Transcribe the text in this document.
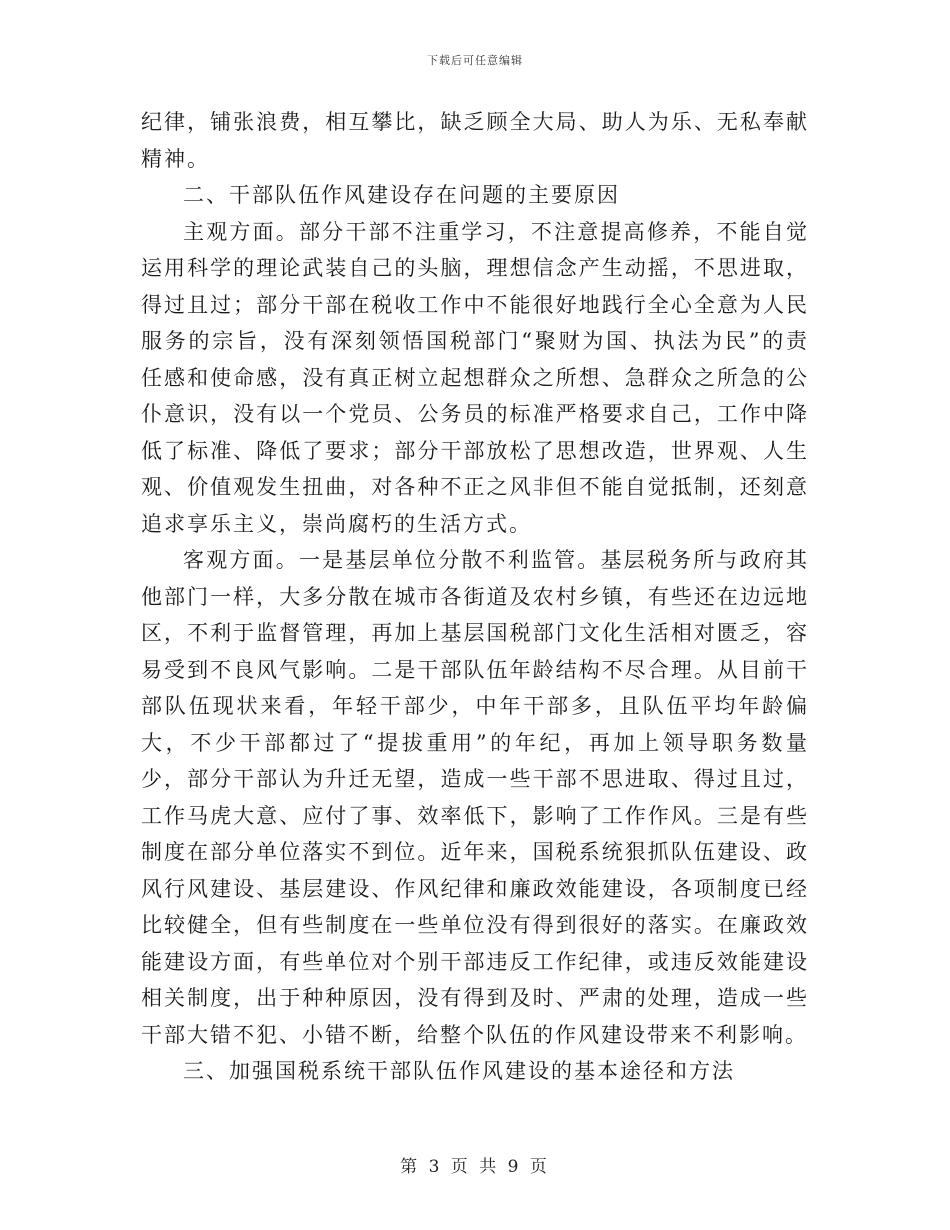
下载后可任意编辑

纪律，铺张浪费，相互攀比，缺乏顾全大局、助人为乐、无私奉献精神。

二、干部队伍作风建设存在问题的主要原因

主观方面。部分干部不注重学习，不注意提高修养，不能自觉运用科学的理论武装自己的头脑，理想信念产生动摇，不思进取，得过且过；部分干部在税收工作中不能很好地践行全心全意为人民服务的宗旨，没有深刻领悟国税部门“聚财为国、执法为民”的责任感和使命感，没有真正树立起想群众之所想、急群众之所急的公仆意识，没有以一个党员、公务员的标准严格要求自己，工作中降低了标准、降低了要求；部分干部放松了思想改造，世界观、人生观、价值观发生扭曲，对各种不正之风非但不能自觉抵制，还刻意追求享乐主义，崇尚腐朽的生活方式。

客观方面。一是基层单位分散不利监管。基层税务所与政府其他部门一样，大多分散在城市各街道及农村乡镇，有些还在边远地区，不利于监督管理，再加上基层国税部门文化生活相对匮乏，容易受到不良风气影响。二是干部队伍年龄结构不尽合理。从目前干部队伍现状来看，年轻干部少，中年干部多，且队伍平均年龄偏大，不少干部都过了“提拔重用”的年纪，再加上领导职务数量少，部分干部认为升迁无望，造成一些干部不思进取、得过且过，工作马虎大意、应付了事、效率低下，影响了工作作风。三是有些制度在部分单位落实不到位。近年来，国税系统狠抓队伍建设、政风行风建设、基层建设、作风纪律和廉政效能建设，各项制度已经比较健全，但有些制度在一些单位没有得到很好的落实。在廉政效能建设方面，有些单位对个别干部违反工作纪律，或违反效能建设相关制度，出于种种原因，没有得到及时、严肃的处理，造成一些干部大错不犯、小错不断，给整个队伍的作风建设带来不利影响。

三、加强国税系统干部队伍作风建设的基本途径和方法

第 3 页 共 9 页
